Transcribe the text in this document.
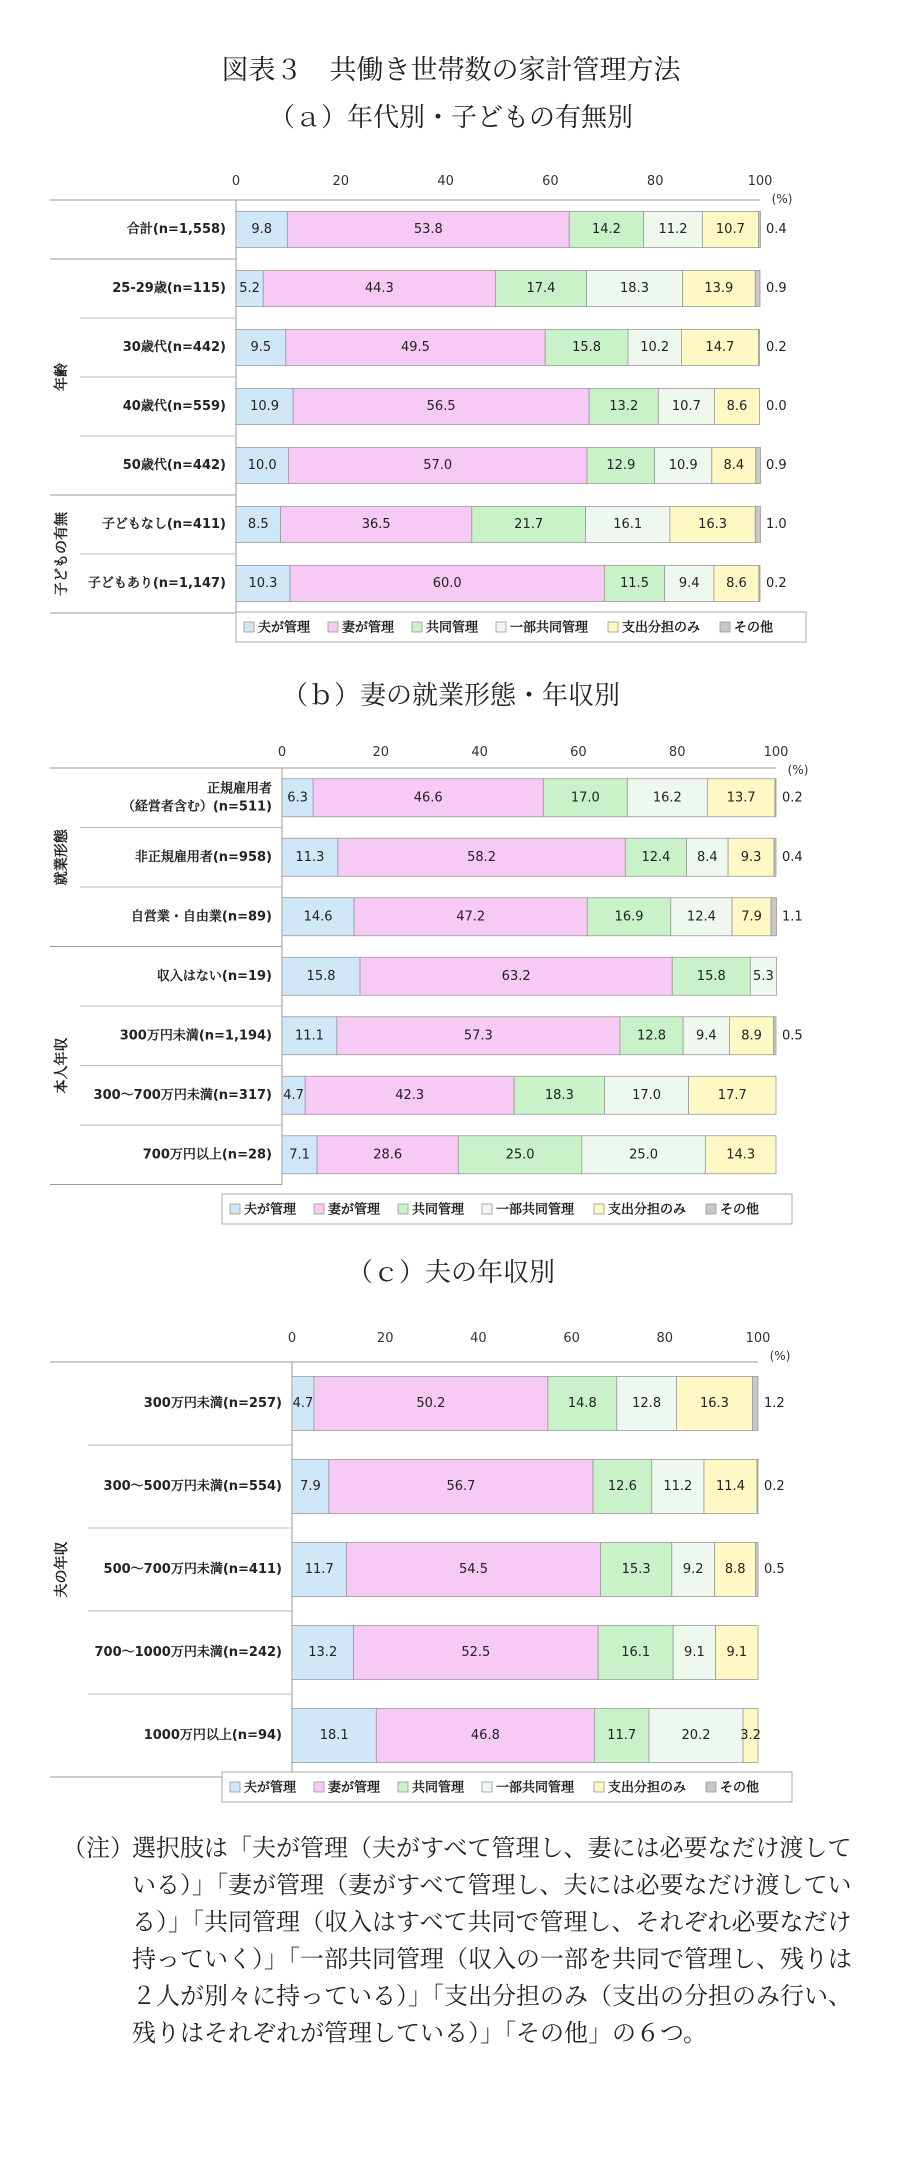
図表３　共働き世帯数の家計管理方法
（ａ）年代別・子どもの有無別
0	20	40	60	80	100
(%)
年齢
子どもの有無
合計(n=1,558) 9.8	53.8	14.2	11.2 10.7 0.4
25-29歳(n=115) 5.2	44.3	17.4	18.3	13.9	0.9
30歳代(n=442) 9.5	49.5	15.8	10.2	14.7 0.2
40歳代(n=559) 10.9	56.5	13.2	10.7 8.6 0.0
50歳代(n=442) 10.0	57.0	12.9	10.9 8.4 0.9
子どもなし(n=411) 8.5	36.5	21.7	16.1	16.3	1.0
子どもあり(n=1,147) 10.3	60.0	11.5 9.4 8.6 0.2
夫が管理 妻が管理 共同管理 一部共同管理	支出分担のみ	その他
（ｂ）妻の就業形態・年収別
0	20	40	60	80	100
(%)
就業形態
本人年収
正規雇用者
（経営者含む）(n=511)
6.3	46.6	17.0	16.2	13.7 0.2
非正規雇用者(n=958) 11.3	58.2	12.4 8.4 9.3 0.4
自営業・自由業(n=89) 14.6	47.2	16.9	12.4 7.9 1.1
収入はない(n=19)	15.8	63.2	15.8 5.3
300万円未満(n=1,194) 11.1	57.3	12.8 9.4 8.9 0.5
300～700万円未満(n=317) 4.7	42.3	18.3	17.0	17.7
700万円以上(n=28) 7.1	28.6	25.0	25.0	14.3
夫が管理 妻が管理 共同管理 一部共同管理	支出分担のみ	その他
（ｃ）夫の年収別
0	20	40	60	80	100
(%)
夫の年収
300万円未満(n=257) 4.7	50.2	14.8	12.8	16.3	1.2
300～500万円未満(n=554) 7.9	56.7	12.6 11.2 11.4 0.2
500～700万円未満(n=411) 11.7	54.5	15.3 9.2 8.8 0.5
700～1000万円未満(n=242) 13.2	52.5	16.1	9.1 9.1
1000万円以上(n=94)	18.1	46.8	11.7	20.2 3.2
夫が管理 妻が管理 共同管理 一部共同管理	支出分担のみ	その他
（注）
選択肢は「夫が管理（夫がすべて管理し、妻には必要なだけ渡している）」「妻が管理（妻がすべて管理し、夫には必要なだけ渡している）」「共同管理（収入はすべて共同で管理し、それぞれ必要なだけ持っていく）」「一部共同管理（収入の一部を共同で管理し、残りは２人が別々に持っている）」「支出分担のみ（支出の分担のみ行い、残りはそれぞれが管理している）」「その他」の６つ。
